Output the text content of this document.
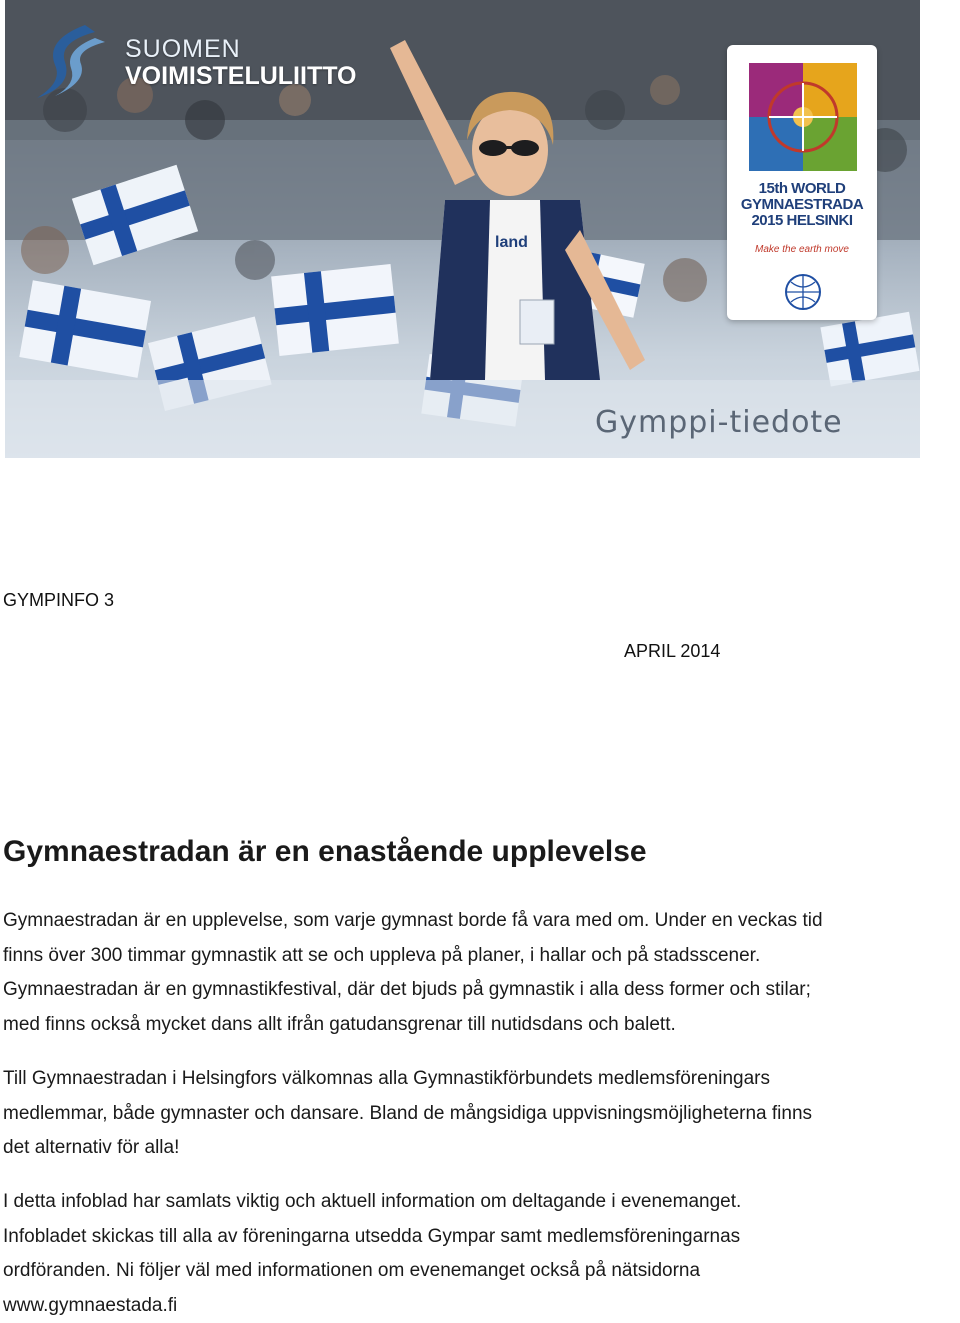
land
SUOMEN
VOIMISTELULIITTO
15th WORLD
GYMNAESTRADA
2015 HELSINKI
Make the earth move
Gymppi-tiedote
GYMPINFO 3
APRIL 2014
Gymnaestradan är en enastående upplevelse
Gymnaestradan är en upplevelse, som varje gymnast borde få vara med om. Under en veckas tid
finns över 300 timmar gymnastik att se och uppleva på planer, i hallar och på stadsscener.
Gymnaestradan är en gymnastikfestival, där det bjuds på gymnastik i alla dess former och stilar;
med finns också mycket dans allt ifrån gatudansgrenar till nutidsdans och balett.
Till Gymnaestradan i Helsingfors välkomnas alla Gymnastikförbundets medlemsföreningars
medlemmar, både gymnaster och dansare. Bland de mångsidiga uppvisningsmöjligheterna finns
det alternativ för alla!
I detta infoblad har samlats viktig och aktuell information om deltagande i evenemanget.
Infobladet skickas till alla av föreningarna utsedda Gympar samt medlemsföreningarnas
ordföranden. Ni följer väl med informationen om evenemanget också på nätsidorna
www.gymnaestada.fi
